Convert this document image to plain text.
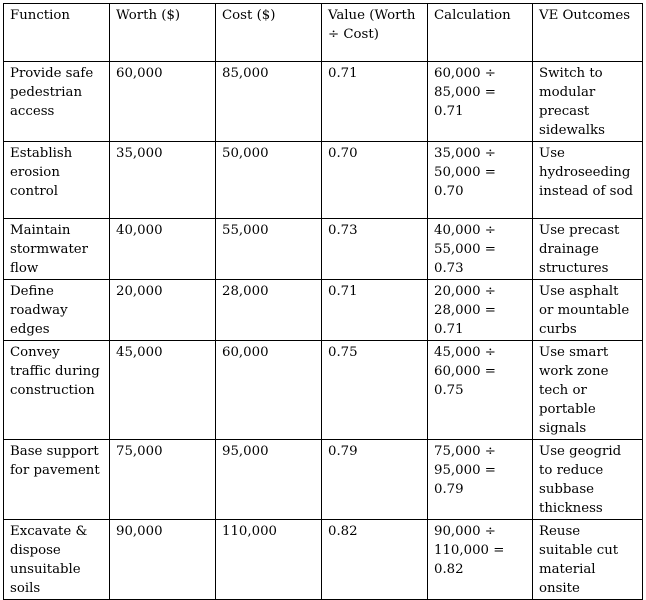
Function	Worth ($)	Cost ($)	Value (Worth ÷ Cost)	Calculation	VE Outcomes
Provide safe pedestrian access	60,000	85,000	0.71	60,000 ÷ 85,000 = 0.71	Switch to modular precast sidewalks
Establish erosion control	35,000	50,000	0.70	35,000 ÷ 50,000 = 0.70	Use hydroseeding instead of sod
Maintain stormwater flow	40,000	55,000	0.73	40,000 ÷ 55,000 = 0.73	Use precast drainage structures
Define roadway edges	20,000	28,000	0.71	20,000 ÷ 28,000 = 0.71	Use asphalt or mountable curbs
Convey traffic during construction	45,000	60,000	0.75	45,000 ÷ 60,000 = 0.75	Use smart work zone tech or portable signals
Base support for pavement	75,000	95,000	0.79	75,000 ÷ 95,000 = 0.79	Use geogrid to reduce subbase thickness
Excavate & dispose unsuitable soils	90,000	110,000	0.82	90,000 ÷ 110,000 = 0.82	Reuse suitable cut material onsite
